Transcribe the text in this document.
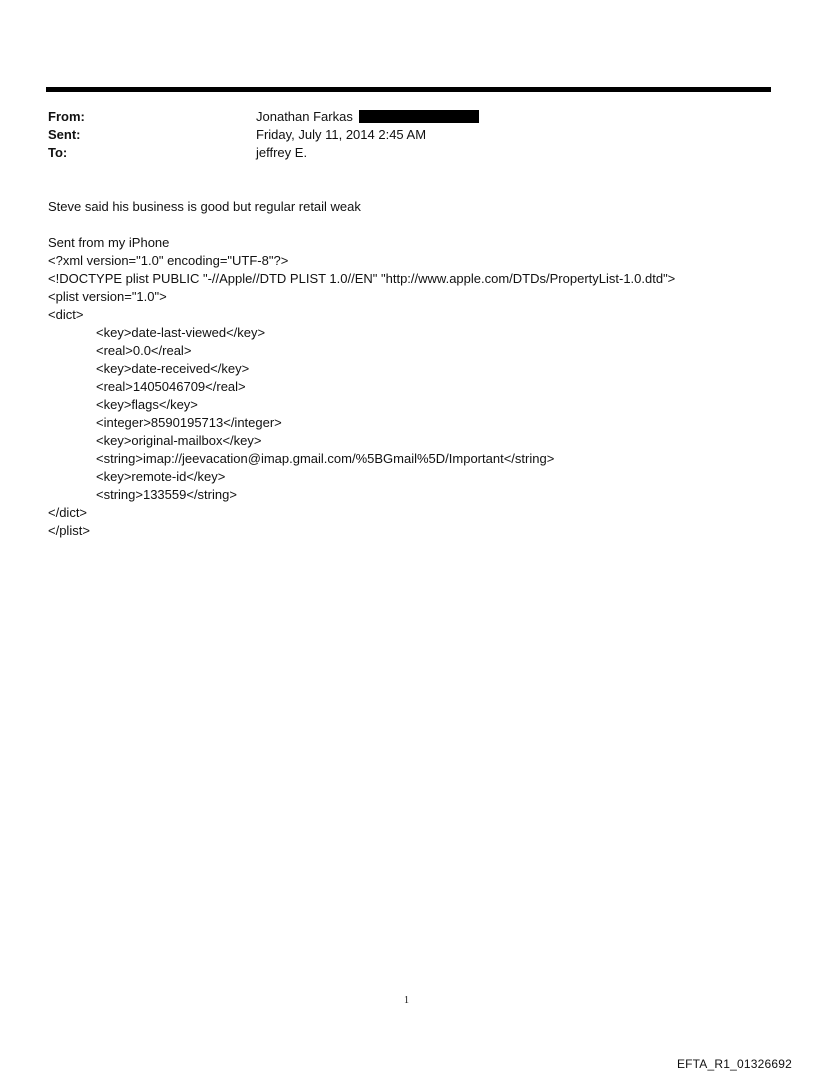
From:	Jonathan Farkas
Sent:	Friday, July 11, 2014 2:45 AM
To:	jeffrey E.
Steve said his business is good but regular retail weak
Sent from my iPhone
<?xml version="1.0" encoding="UTF-8"?>
<!DOCTYPE plist PUBLIC "-//Apple//DTD PLIST 1.0//EN" "http://www.apple.com/DTDs/PropertyList-1.0.dtd">
<plist version="1.0">
<dict>
<key>date-last-viewed</key>
<real>0.0</real>
<key>date-received</key>
<real>1405046709</real>
<key>flags</key>
<integer>8590195713</integer>
<key>original-mailbox</key>
<string>imap://jeevacation@imap.gmail.com/%5BGmail%5D/Important</string>
<key>remote-id</key>
<string>133559</string>
</dict>
</plist>
1
EFTA_R1_01326692
